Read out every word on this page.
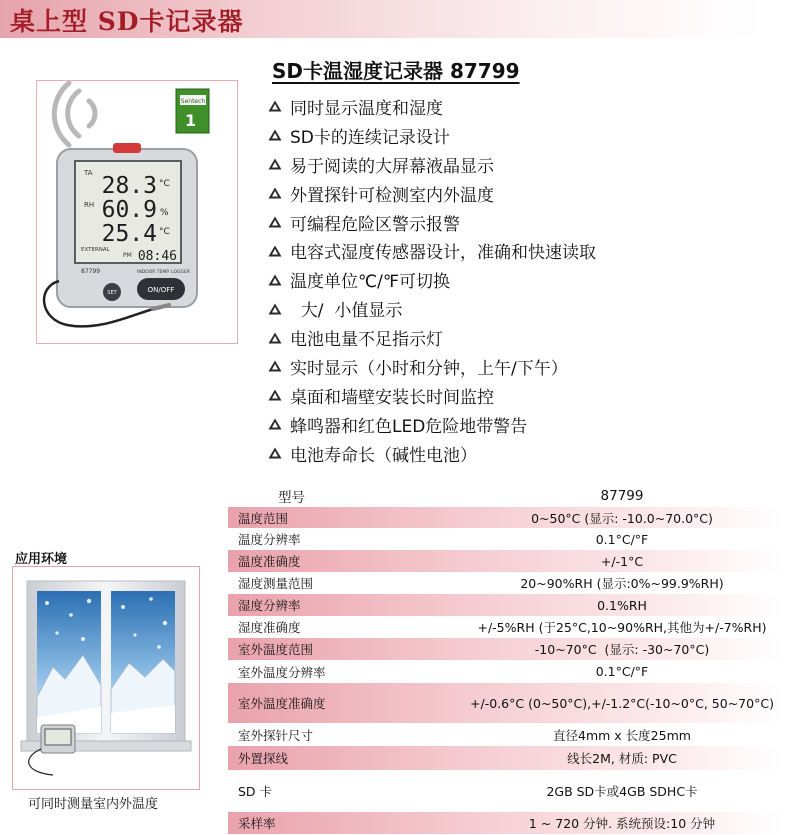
桌上型 SD卡记录器
SD卡温湿度记录器 87799
Sentech
1
TA 28.3 °C
RH 60.9 %
25.4 °C
EXTERNAL
PM 08:46
87799	INDOOR TEMP. LOGGER
SET	ON/OFF
同时显示温度和湿度
SD卡的连续记录设计
易于阅读的大屏幕液晶显示
外置探针可检测室内外温度
可编程危险区警示报警
电容式湿度传感器设计，准确和快速读取
温度单位℃/℉可切换
大/  小值显示
电池电量不足指示灯
实时显示（小时和分钟，上午/下午）
桌面和墙壁安装长时间监控
蜂鸣器和红色LED危险地带警告
电池寿命长（碱性电池）
应用环境
可同时测量室内外温度
型号	87799
温度范围	0~50°C (显示: -10.0~70.0°C)
温度分辨率	0.1°C/°F
温度准确度	+/-1°C
湿度测量范围	20~90%RH (显示:0%~99.9%RH)
湿度分辨率	0.1%RH
湿度准确度	+/-5%RH (于25°C,10~90%RH,其他为+/-7%RH)
室外温度范围	-10~70°C  (显示: -30~70°C)
室外温度分辨率	0.1°C/°F
室外温度准确度	+/-0.6°C (0~50°C),+/-1.2°C(-10~0°C, 50~70°C)
室外探针尺寸	直径4mm x 长度25mm
外置探线	线长2M, 材质: PVC
SD 卡	2GB SD卡或4GB SDHC卡
采样率	1 ~ 720 分钟. 系统预设:10 分钟
